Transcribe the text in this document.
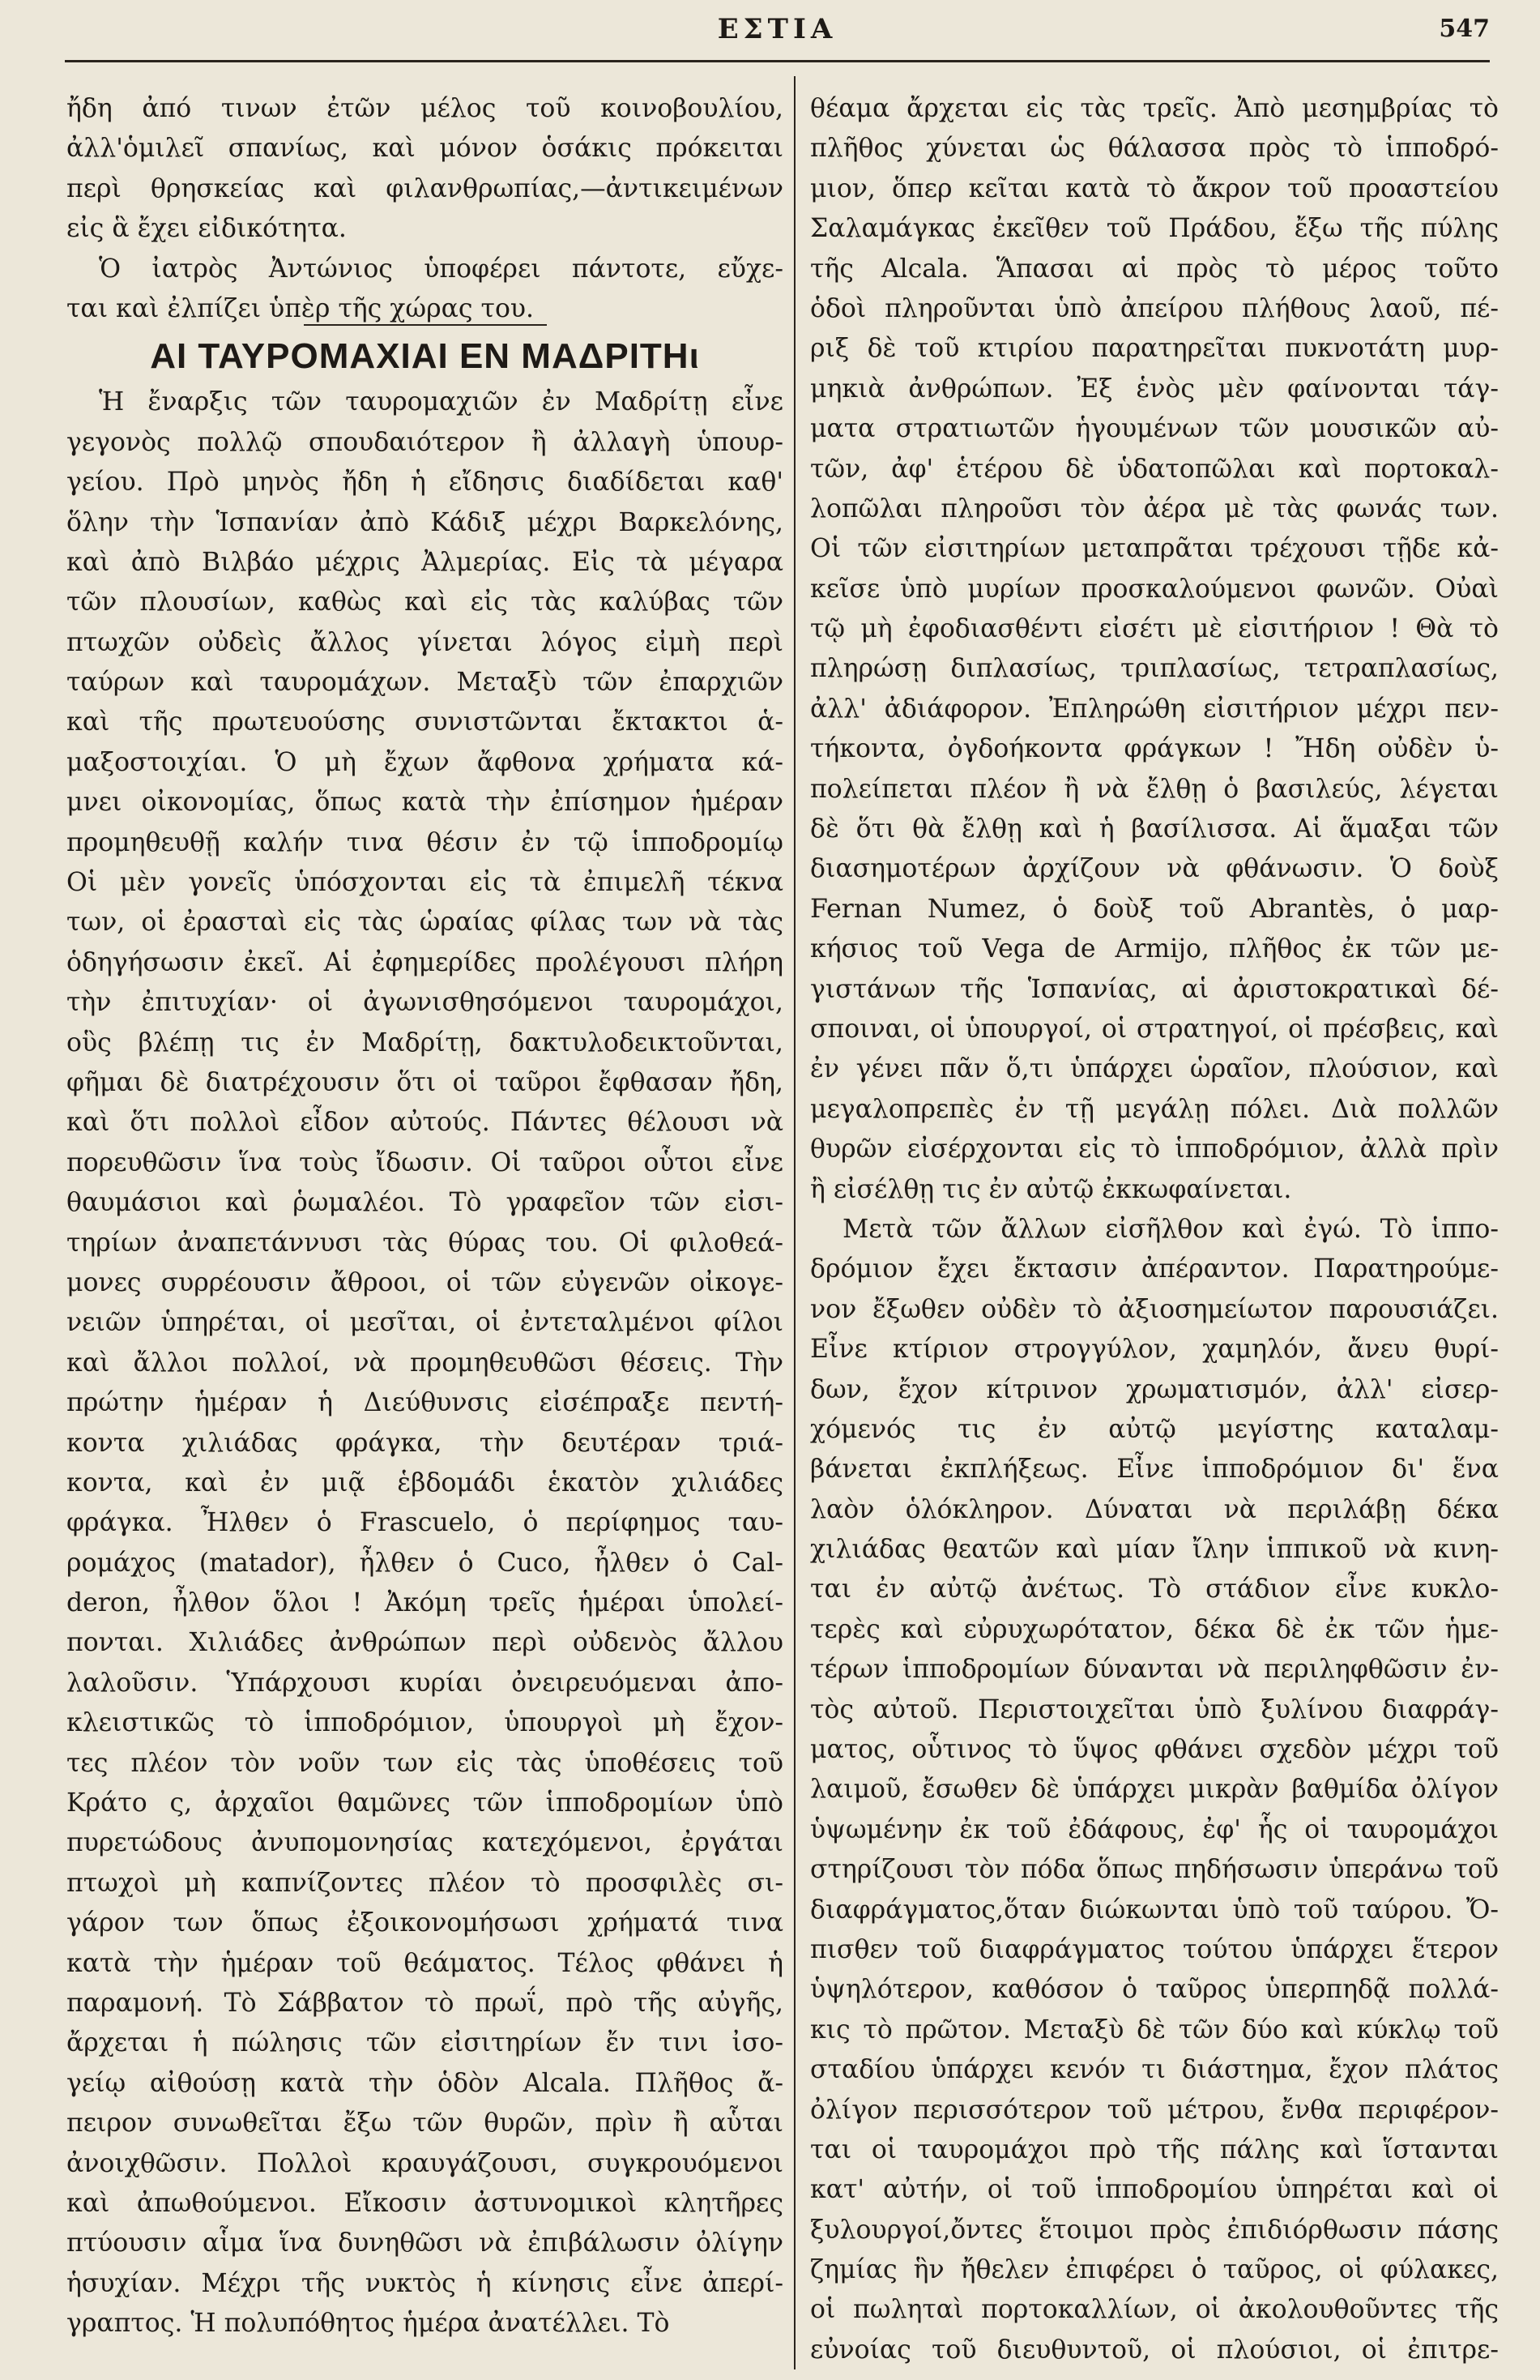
ΕΣΤΙΑ	547
ἤδη ἀπό τινων ἐτῶν μέλος τοῦ κοινοβουλίου,
ἀλλ'ὁμιλεῖ σπανίως, καὶ μόνον ὁσάκις πρόκειται
περὶ θρησκείας καὶ φιλανθρωπίας,—ἀντικειμένων
εἰς ἃ ἔχει εἰδικότητα.
Ὁ ἰατρὸς Ἀντώνιος ὑποφέρει πάντοτε, εὔχε-
ται καὶ ἐλπίζει ὑπὲρ τῆς χώρας του.
ΑΙ ΤΑΥΡΟΜΑΧΙΑΙ ΕΝ ΜΑΔΡΙΤΗι
Ἡ ἔναρξις τῶν ταυρομαχιῶν ἐν Μαδρίτῃ εἶνε
γεγονὸς πολλῷ σπουδαιότερον ἢ ἀλλαγὴ ὑπουρ-
γείου. Πρὸ μηνὸς ἤδη ἡ εἴδησις διαδίδεται καθ'
ὅλην τὴν Ἱσπανίαν ἀπὸ Κάδιξ μέχρι Βαρκελόνης,
καὶ ἀπὸ Βιλβάο μέχρις Ἀλμερίας. Εἰς τὰ μέγαρα
τῶν πλουσίων, καθὼς καὶ εἰς τὰς καλύβας τῶν
πτωχῶν οὐδεὶς ἄλλος γίνεται λόγος εἰμὴ περὶ
ταύρων καὶ ταυρομάχων. Μεταξὺ τῶν ἐπαρχιῶν
καὶ τῆς πρωτευούσης συνιστῶνται ἔκτακτοι ἁ-
μαξοστοιχίαι. Ὁ μὴ ἔχων ἄφθονα χρήματα κά-
μνει οἰκονομίας, ὅπως κατὰ τὴν ἐπίσημον ἡμέραν
προμηθευθῇ καλήν τινα θέσιν ἐν τῷ ἱπποδρομίῳ
Οἱ μὲν γονεῖς ὑπόσχονται εἰς τὰ ἐπιμελῆ τέκνα
των, οἱ ἐρασταὶ εἰς τὰς ὡραίας φίλας των νὰ τὰς
ὁδηγήσωσιν ἐκεῖ. Αἱ ἐφημερίδες προλέγουσι πλήρη
τὴν ἐπιτυχίαν· οἱ ἀγωνισθησόμενοι ταυρομάχοι,
οὓς βλέπῃ τις ἐν Μαδρίτῃ, δακτυλοδεικτοῦνται,
φῆμαι δὲ διατρέχουσιν ὅτι οἱ ταῦροι ἔφθασαν ἤδη,
καὶ ὅτι πολλοὶ εἶδον αὐτούς. Πάντες θέλουσι νὰ
πορευθῶσιν ἵνα τοὺς ἴδωσιν. Οἱ ταῦροι οὗτοι εἶνε
θαυμάσιοι καὶ ῥωμαλέοι. Τὸ γραφεῖον τῶν εἰσι-
τηρίων ἀναπετάννυσι τὰς θύρας του. Οἱ φιλοθεά-
μονες συρρέουσιν ἄθροοι, οἱ τῶν εὐγενῶν οἰκογε-
νειῶν ὑπηρέται, οἱ μεσῖται, οἱ ἐντεταλμένοι φίλοι
καὶ ἄλλοι πολλοί, νὰ προμηθευθῶσι θέσεις. Τὴν
πρώτην ἡμέραν ἡ Διεύθυνσις εἰσέπραξε πεντή-
κοντα χιλιάδας φράγκα, τὴν δευτέραν τριά-
κοντα, καὶ ἐν μιᾷ ἑβδομάδι ἑκατὸν χιλιάδες
φράγκα. Ἦλθεν ὁ Frascuelo, ὁ περίφημος ταυ-
ρομάχος (matador), ἦλθεν ὁ Cuco, ἦλθεν ὁ Cal-
deron, ἦλθον ὅλοι ! Ἀκόμη τρεῖς ἡμέραι ὑπολεί-
πονται. Χιλιάδες ἀνθρώπων περὶ οὐδενὸς ἄλλου
λαλοῦσιν. Ὑπάρχουσι κυρίαι ὀνειρευόμεναι ἀπο-
κλειστικῶς τὸ ἱπποδρόμιον, ὑπουργοὶ μὴ ἔχον-
τες πλέον τὸν νοῦν των εἰς τὰς ὑποθέσεις τοῦ
Κράτο ς, ἀρχαῖοι θαμῶνες τῶν ἱπποδρομίων ὑπὸ
πυρετώδους ἀνυπομονησίας κατεχόμενοι, ἐργάται
πτωχοὶ μὴ καπνίζοντες πλέον τὸ προσφιλὲς σι-
γάρον των ὅπως ἐξοικονομήσωσι χρήματά τινα
κατὰ τὴν ἡμέραν τοῦ θεάματος. Τέλος φθάνει ἡ
παραμονή. Τὸ Σάββατον τὸ πρωΐ, πρὸ τῆς αὐγῆς,
ἄρχεται ἡ πώλησις τῶν εἰσιτηρίων ἔν τινι ἰσο-
γείῳ αἰθούσῃ κατὰ τὴν ὁδὸν Alcala. Πλῆθος ἄ-
πειρον συνωθεῖται ἔξω τῶν θυρῶν, πρὶν ἢ αὗται
ἀνοιχθῶσιν. Πολλοὶ κραυγάζουσι, συγκρουόμενοι
καὶ ἀπωθούμενοι. Εἴκοσιν ἀστυνομικοὶ κλητῆρες
πτύουσιν αἷμα ἵνα δυνηθῶσι νὰ ἐπιβάλωσιν ὀλίγην
ἡσυχίαν. Μέχρι τῆς νυκτὸς ἡ κίνησις εἶνε ἀπερί-
γραπτος. Ἡ πολυπόθητος ἡμέρα ἀνατέλλει. Τὸ
θέαμα ἄρχεται εἰς τὰς τρεῖς. Ἀπὸ μεσημβρίας τὸ
πλῆθος χύνεται ὡς θάλασσα πρὸς τὸ ἱπποδρό-
μιον, ὅπερ κεῖται κατὰ τὸ ἄκρον τοῦ προαστείου
Σαλαμάγκας ἐκεῖθεν τοῦ Πράδου, ἔξω τῆς πύλης
τῆς Alcala. Ἅπασαι αἱ πρὸς τὸ μέρος τοῦτο
ὁδοὶ πληροῦνται ὑπὸ ἀπείρου πλήθους λαοῦ, πέ-
ριξ δὲ τοῦ κτιρίου παρατηρεῖται πυκνοτάτη μυρ-
μηκιὰ ἀνθρώπων. Ἐξ ἑνὸς μὲν φαίνονται τάγ-
ματα στρατιωτῶν ἡγουμένων τῶν μουσικῶν αὐ-
τῶν, ἀφ' ἑτέρου δὲ ὑδατοπῶλαι καὶ πορτοκαλ-
λοπῶλαι πληροῦσι τὸν ἀέρα μὲ τὰς φωνάς των.
Οἱ τῶν εἰσιτηρίων μεταπρᾶται τρέχουσι τῇδε κἀ-
κεῖσε ὑπὸ μυρίων προσκαλούμενοι φωνῶν. Οὐαὶ
τῷ μὴ ἐφοδιασθέντι εἰσέτι μὲ εἰσιτήριον ! Θὰ τὸ
πληρώσῃ διπλασίως, τριπλασίως, τετραπλασίως,
ἀλλ' ἀδιάφορον. Ἐπληρώθη εἰσιτήριον μέχρι πεν-
τήκοντα, ὀγδοήκοντα φράγκων ! Ἤδη οὐδὲν ὑ-
πολείπεται πλέον ἢ νὰ ἔλθῃ ὁ βασιλεύς, λέγεται
δὲ ὅτι θὰ ἔλθῃ καὶ ἡ βασίλισσα. Αἱ ἅμαξαι τῶν
διασημοτέρων ἀρχίζουν νὰ φθάνωσιν. Ὁ δοὺξ
Fernan Numez, ὁ δοὺξ τοῦ Abrantès, ὁ μαρ-
κήσιος τοῦ Vega de Armijo, πλῆθος ἐκ τῶν με-
γιστάνων τῆς Ἱσπανίας, αἱ ἀριστοκρατικαὶ δέ-
σποιναι, οἱ ὑπουργοί, οἱ στρατηγοί, οἱ πρέσβεις, καὶ
ἐν γένει πᾶν ὅ,τι ὑπάρχει ὡραῖον, πλούσιον, καὶ
μεγαλοπρεπὲς ἐν τῇ μεγάλῃ πόλει. Διὰ πολλῶν
θυρῶν εἰσέρχονται εἰς τὸ ἱπποδρόμιον, ἀλλὰ πρὶν
ἢ εἰσέλθῃ τις ἐν αὐτῷ ἐκκωφαίνεται.
Μετὰ τῶν ἄλλων εἰσῆλθον καὶ ἐγώ. Τὸ ἱππο-
δρόμιον ἔχει ἔκτασιν ἀπέραντον. Παρατηρούμε-
νον ἔξωθεν οὐδὲν τὸ ἀξιοσημείωτον παρουσιάζει.
Εἶνε κτίριον στρογγύλον, χαμηλόν, ἄνευ θυρί-
δων, ἔχον κίτρινον χρωματισμόν, ἀλλ' εἰσερ-
χόμενός τις ἐν αὐτῷ μεγίστης καταλαμ-
βάνεται ἐκπλήξεως. Εἶνε ἱπποδρόμιον δι' ἕνα
λαὸν ὁλόκληρον. Δύναται νὰ περιλάβῃ δέκα
χιλιάδας θεατῶν καὶ μίαν ἴλην ἱππικοῦ νὰ κινη-
ται ἐν αὐτῷ ἀνέτως. Τὸ στάδιον εἶνε κυκλο-
τερὲς καὶ εὐρυχωρότατον, δέκα δὲ ἐκ τῶν ἡμε-
τέρων ἱπποδρομίων δύνανται νὰ περιληφθῶσιν ἐν-
τὸς αὐτοῦ. Περιστοιχεῖται ὑπὸ ξυλίνου διαφράγ-
ματος, οὗτινος τὸ ὕψος φθάνει σχεδὸν μέχρι τοῦ
λαιμοῦ, ἔσωθεν δὲ ὑπάρχει μικρὰν βαθμίδα ὀλίγον
ὑψωμένην ἐκ τοῦ ἐδάφους, ἐφ' ἧς οἱ ταυρομάχοι
στηρίζουσι τὸν πόδα ὅπως πηδήσωσιν ὑπεράνω τοῦ
διαφράγματος,ὅταν διώκωνται ὑπὸ τοῦ ταύρου. Ὄ-
πισθεν τοῦ διαφράγματος τούτου ὑπάρχει ἕτερον
ὑψηλότερον, καθόσον ὁ ταῦρος ὑπερπηδᾷ πολλά-
κις τὸ πρῶτον. Μεταξὺ δὲ τῶν δύο καὶ κύκλῳ τοῦ
σταδίου ὑπάρχει κενόν τι διάστημα, ἔχον πλάτος
ὀλίγον περισσότερον τοῦ μέτρου, ἔνθα περιφέρον-
ται οἱ ταυρομάχοι πρὸ τῆς πάλης καὶ ἵστανται
κατ' αὐτήν, οἱ τοῦ ἱπποδρομίου ὑπηρέται καὶ οἱ
ξυλουργοί,ὄντες ἕτοιμοι πρὸς ἐπιδιόρθωσιν πάσης
ζημίας ἣν ἤθελεν ἐπιφέρει ὁ ταῦρος, οἱ φύλακες,
οἱ πωληταὶ πορτοκαλλίων, οἱ ἀκολουθοῦντες τῆς
εὐνοίας τοῦ διευθυντοῦ, οἱ πλούσιοι, οἱ ἐπιτρε-
